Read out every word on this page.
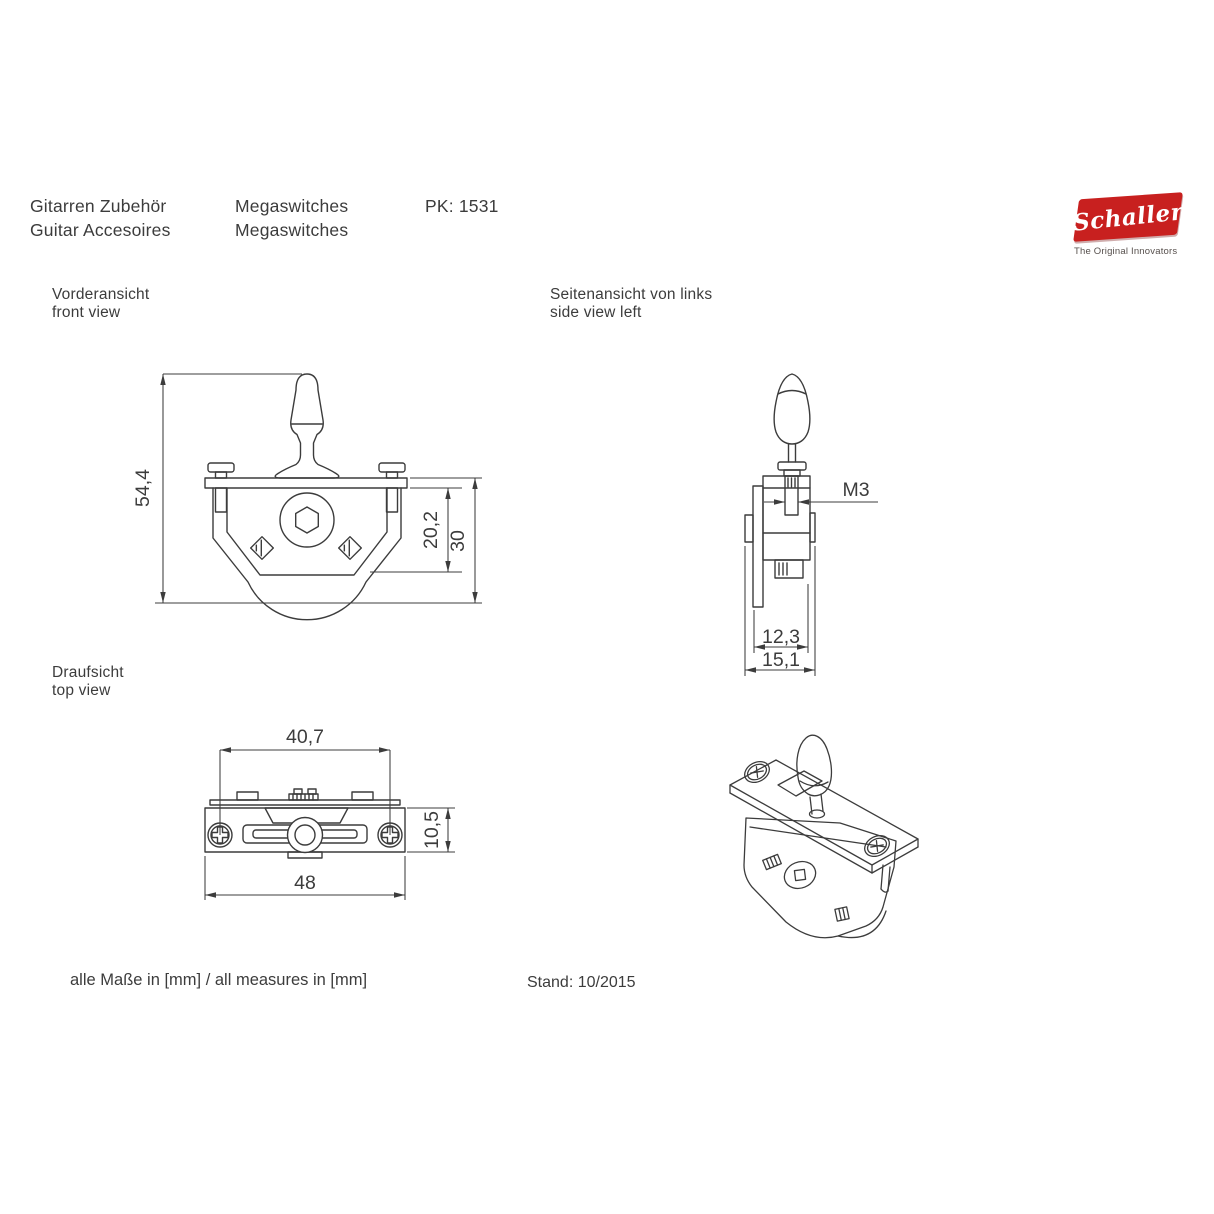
Gitarren Zubehör
Guitar Accesoires
Megaswitches
Megaswitches
PK: 1531	Schaller
The Original Innovators
Vorderansicht
front view
Seitenansicht von links
side view left
Draufsicht
top view
54,4
20,2 30
M3
12,3
15,1
40,7
10,5
48
alle Maße in [mm] / all measures in [mm]	Stand: 10/2015
